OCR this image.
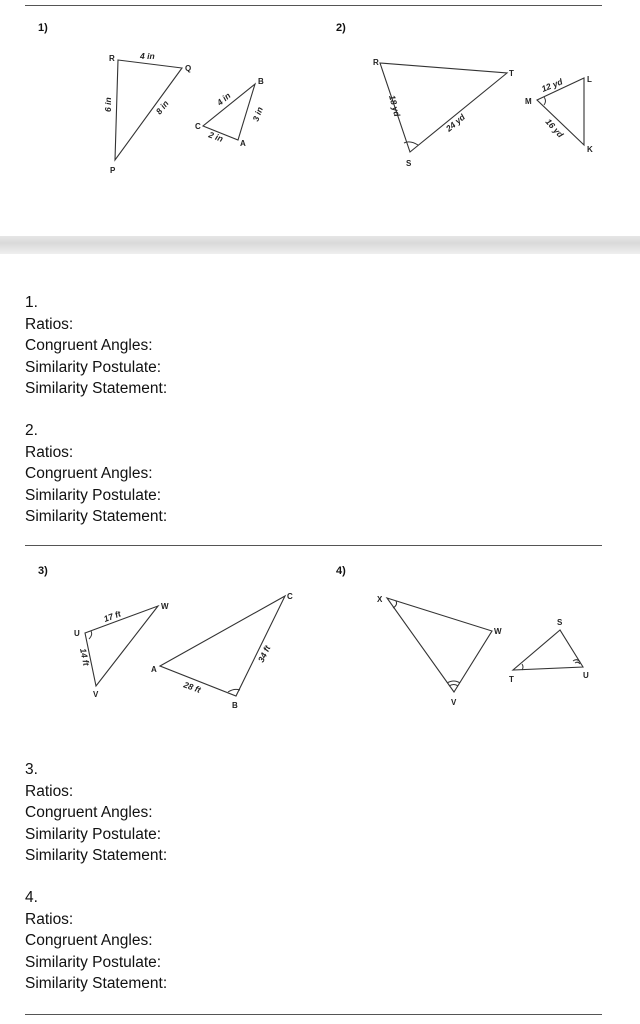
1)	2)
R
Q
P
4 in
8 in
6 in
B
C
A
4 in
3 in
2 in
R
T
S
18 yd
24 yd
M
L
K
12 yd
16 yd
1.
Ratios:
Congruent Angles:
Similarity Postulate:
Similarity Statement:
2.
Ratios:
Congruent Angles:
Similarity Postulate:
Similarity Statement:
3)	4)
U
W
V
17 ft
14 ft
A
B
C
28 ft
34 ft
X
W
V
S
T	U
3.
Ratios:
Congruent Angles:
Similarity Postulate:
Similarity Statement:
4.
Ratios:
Congruent Angles:
Similarity Postulate:
Similarity Statement:
